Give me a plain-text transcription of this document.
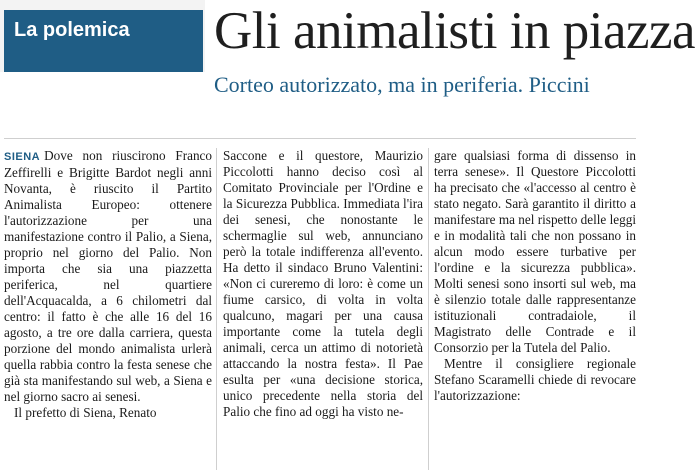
La polemica	Gli animalisti in piazza
Corteo autorizzato, ma in periferia. Piccini

SIENA Dove non riuscirono Franco Zeffirelli e Brigitte Bardot negli anni Novanta, è riuscito il Partito Animalista Europeo: ottenere l'autorizzazione per una manifestazione contro il Palio, a Siena, proprio nel giorno del Palio. Non importa che sia una piazzetta periferica, nel quartiere dell'Acquacalda, a 6 chilometri dal centro: il fatto è che alle 16 del 16 agosto, a tre ore dalla carriera, questa porzione del mondo animalista urlerà quella rabbia contro la festa senese che già sta manifestando sul web, a Siena e nel giorno sacro ai senesi.

Il prefetto di Siena, Renato

Saccone e il questore, Maurizio Piccolotti hanno deciso così al Comitato Provinciale per l'Ordine e la Sicurezza Pubblica. Immediata l'ira dei senesi, che nonostante le schermaglie sul web, annunciano però la totale indifferenza all'evento. Ha detto il sindaco Bruno Valentini: «Non ci cureremo di loro: è come un fiume carsico, di volta in volta qualcuno, magari per una causa importante come la tutela degli animali, cerca un attimo di notorietà attaccando la nostra festa». Il Pae esulta per «una decisione storica, unico precedente nella storia del Palio che fino ad oggi ha visto ne-

gare qualsiasi forma di dissenso in terra senese». Il Questore Piccolotti ha precisato che «l'accesso al centro è stato negato. Sarà garantito il diritto a manifestare ma nel rispetto delle leggi e in modalità tali che non possano in alcun modo essere turbative per l'ordine e la sicurezza pubblica». Molti senesi sono insorti sul web, ma è silenzio totale dalle rappresentanze istituzionali contradaiole, il Magistrato delle Contrade e il Consorzio per la Tutela del Palio.

Mentre il consigliere regionale Stefano Scaramelli chiede di revocare l'autorizzazione:
